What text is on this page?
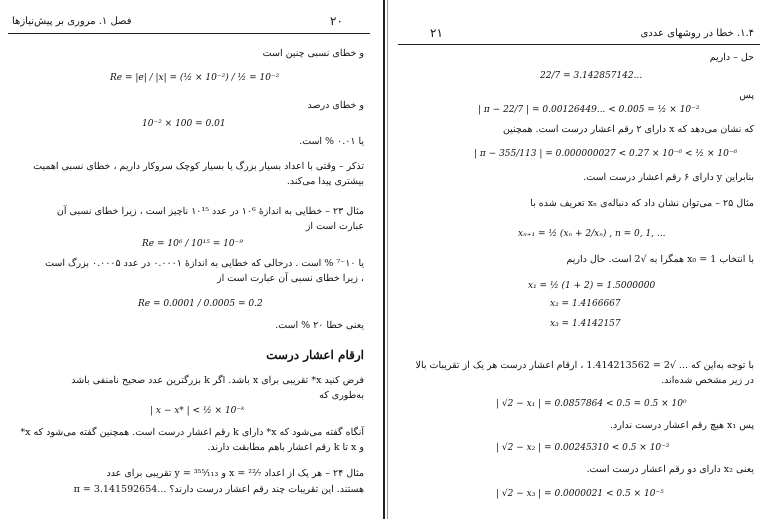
۲۰
فصل ۱. مروری بر پیش‌نیازها
و خطای نسبی چنین است
Re = |e| / |x| = (½ × 10⁻²) / ½ = 10⁻²
و خطای درصد
10⁻² × 100 = 0.01
یا ۰.۰۱ % است.
تذکر – وقتی با اعداد بسیار بزرگ یا بسیار کوچک سروکار داریم ، خطای نسبی اهمیت
بیشتری پیدا می‌کند.
مثال ۲۳ – خطایی به اندازهٔ ۱۰⁶ در عدد ۱۰¹⁵ ناچیز است ، زیرا خطای نسبی آن
عبارت است از
Re = 10⁶ / 10¹⁵ = 10⁻⁹
یا ۱۰⁻⁷ % است . درحالی که خطایی به اندازهٔ ۰.۰۰۰۱ در عدد ۰.۰۰۰۵ بزرگ است
، زیرا خطای نسبی آن عبارت است از
Re = 0.0001 / 0.0005 = 0.2
یعنی خطا ۲۰ % است.
ارقام اعشار درست
فرض کنید x* تقریبی برای x باشد. اگر k بزرگترین عدد صحیح نامنفی باشد
به‌طوری که
| x − x* | < ½ × 10⁻ᵏ
آنگاه گفته می‌شود که x* دارای k رقم اعشار درست است. همچنین گفته می‌شود که x*
و x تا k رقم اعشار باهم مطابقت دارند.
مثال ۲۴ – هر یک از اعداد x = ²²⁄₇ و y = ³⁵⁵⁄₁₁₃ تقریبی برای عدد
π = 3.141592654... هستند. این تقریبات چند رقم اعشار درست دارند؟
۲۱	۱.۴. خطا در روشهای عددی
حل – داریم
22/7 = 3.142857142...
پس
| π − 22/7 | = 0.00126449... < 0.005 = ½ × 10⁻²
که نشان می‌دهد که x دارای ۲ رقم اعشار درست است. همچنین
| π − 355/113 | = 0.000000027 < 0.27 × 10⁻⁶ < ½ × 10⁻⁶
بنابراین y دارای ۶ رقم اعشار درست است.
مثال ۲۵ – می‌توان نشان داد که دنباله‌ی xₙ تعریف شده با
xₙ₊₁ = ½ (xₙ + 2/xₙ) , n = 0, 1, ...
با انتخاب x₀ = 1 همگرا به √2 است. حال داریم
x₁ = ½ (1 + 2) = 1.5000000
x₂ = 1.4166667
x₃ = 1.4142157
با توجه به‌این که ... √2 = 1.414213562 ، ارقام اعشار درست هر یک از تقریبات بالا
در زیر مشخص شده‌اند.
| √2 − x₁ | = 0.0857864 < 0.5 = 0.5 × 10⁰
پس x₁ هیچ رقم اعشار درست ندارد.
| √2 − x₂ | = 0.00245310 < 0.5 × 10⁻²
یعنی x₂ دارای دو رقم اعشار درست است.
| √2 − x₃ | = 0.0000021 < 0.5 × 10⁻⁵
